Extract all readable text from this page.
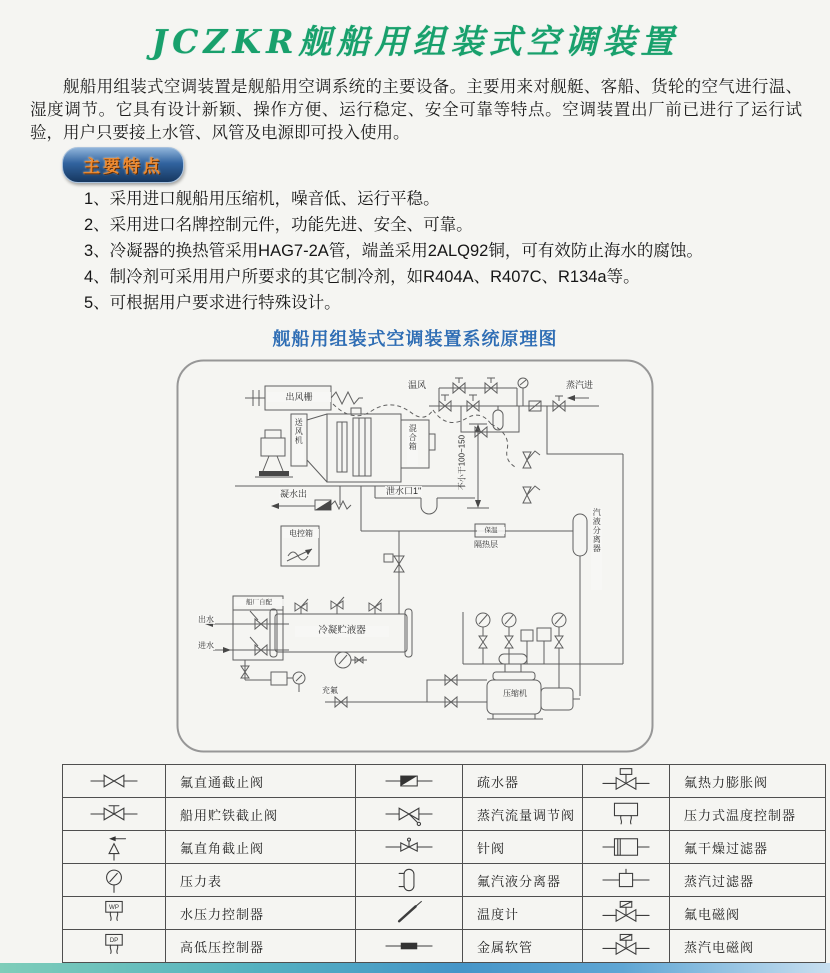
JCZKR舰船用组装式空调装置
舰船用组装式空调装置是舰船用空调系统的主要设备。主要用来对舰艇、客船、货轮的空气进行温、湿度调节。它具有设计新颖、操作方便、运行稳定、安全可靠等特点。空调装置出厂前已进行了运行试验，用户只要接上水管、风管及电源即可投入使用。
主要特点
1、采用进口舰船用压缩机，噪音低、运行平稳。
2、采用进口名牌控制元件，功能先进、安全、可靠。
3、冷凝器的换热管采用HAG7-2A管，端盖采用2ALQ92铜，可有效防止海水的腐蚀。
4、制冷剂可采用用户所要求的其它制冷剂，如R404A、R407C、R134a等。
5、可根据用户要求进行特殊设计。
舰船用组装式空调装置系统原理图
出风栅
送风机	混合箱
温风	蒸汽进
凝水出	泄水口1"
不小于100~150
电控箱	保温
隔热层	汽液分离器
船厂自配
出水
进水
冷凝贮液器
充氟	压缩机
	氟直通截止阀		疏水器		氟热力膨胀阀
	船用贮铁截止阀		蒸汽流量调节阀		压力式温度控制器
	氟直角截止阀		针阀		氟干燥过滤器
	压力表		氟汽液分离器		蒸汽过滤器

WP	水压力控制器		温度计		氟电磁阀

DP	高低压控制器		金属软管		蒸汽电磁阀
